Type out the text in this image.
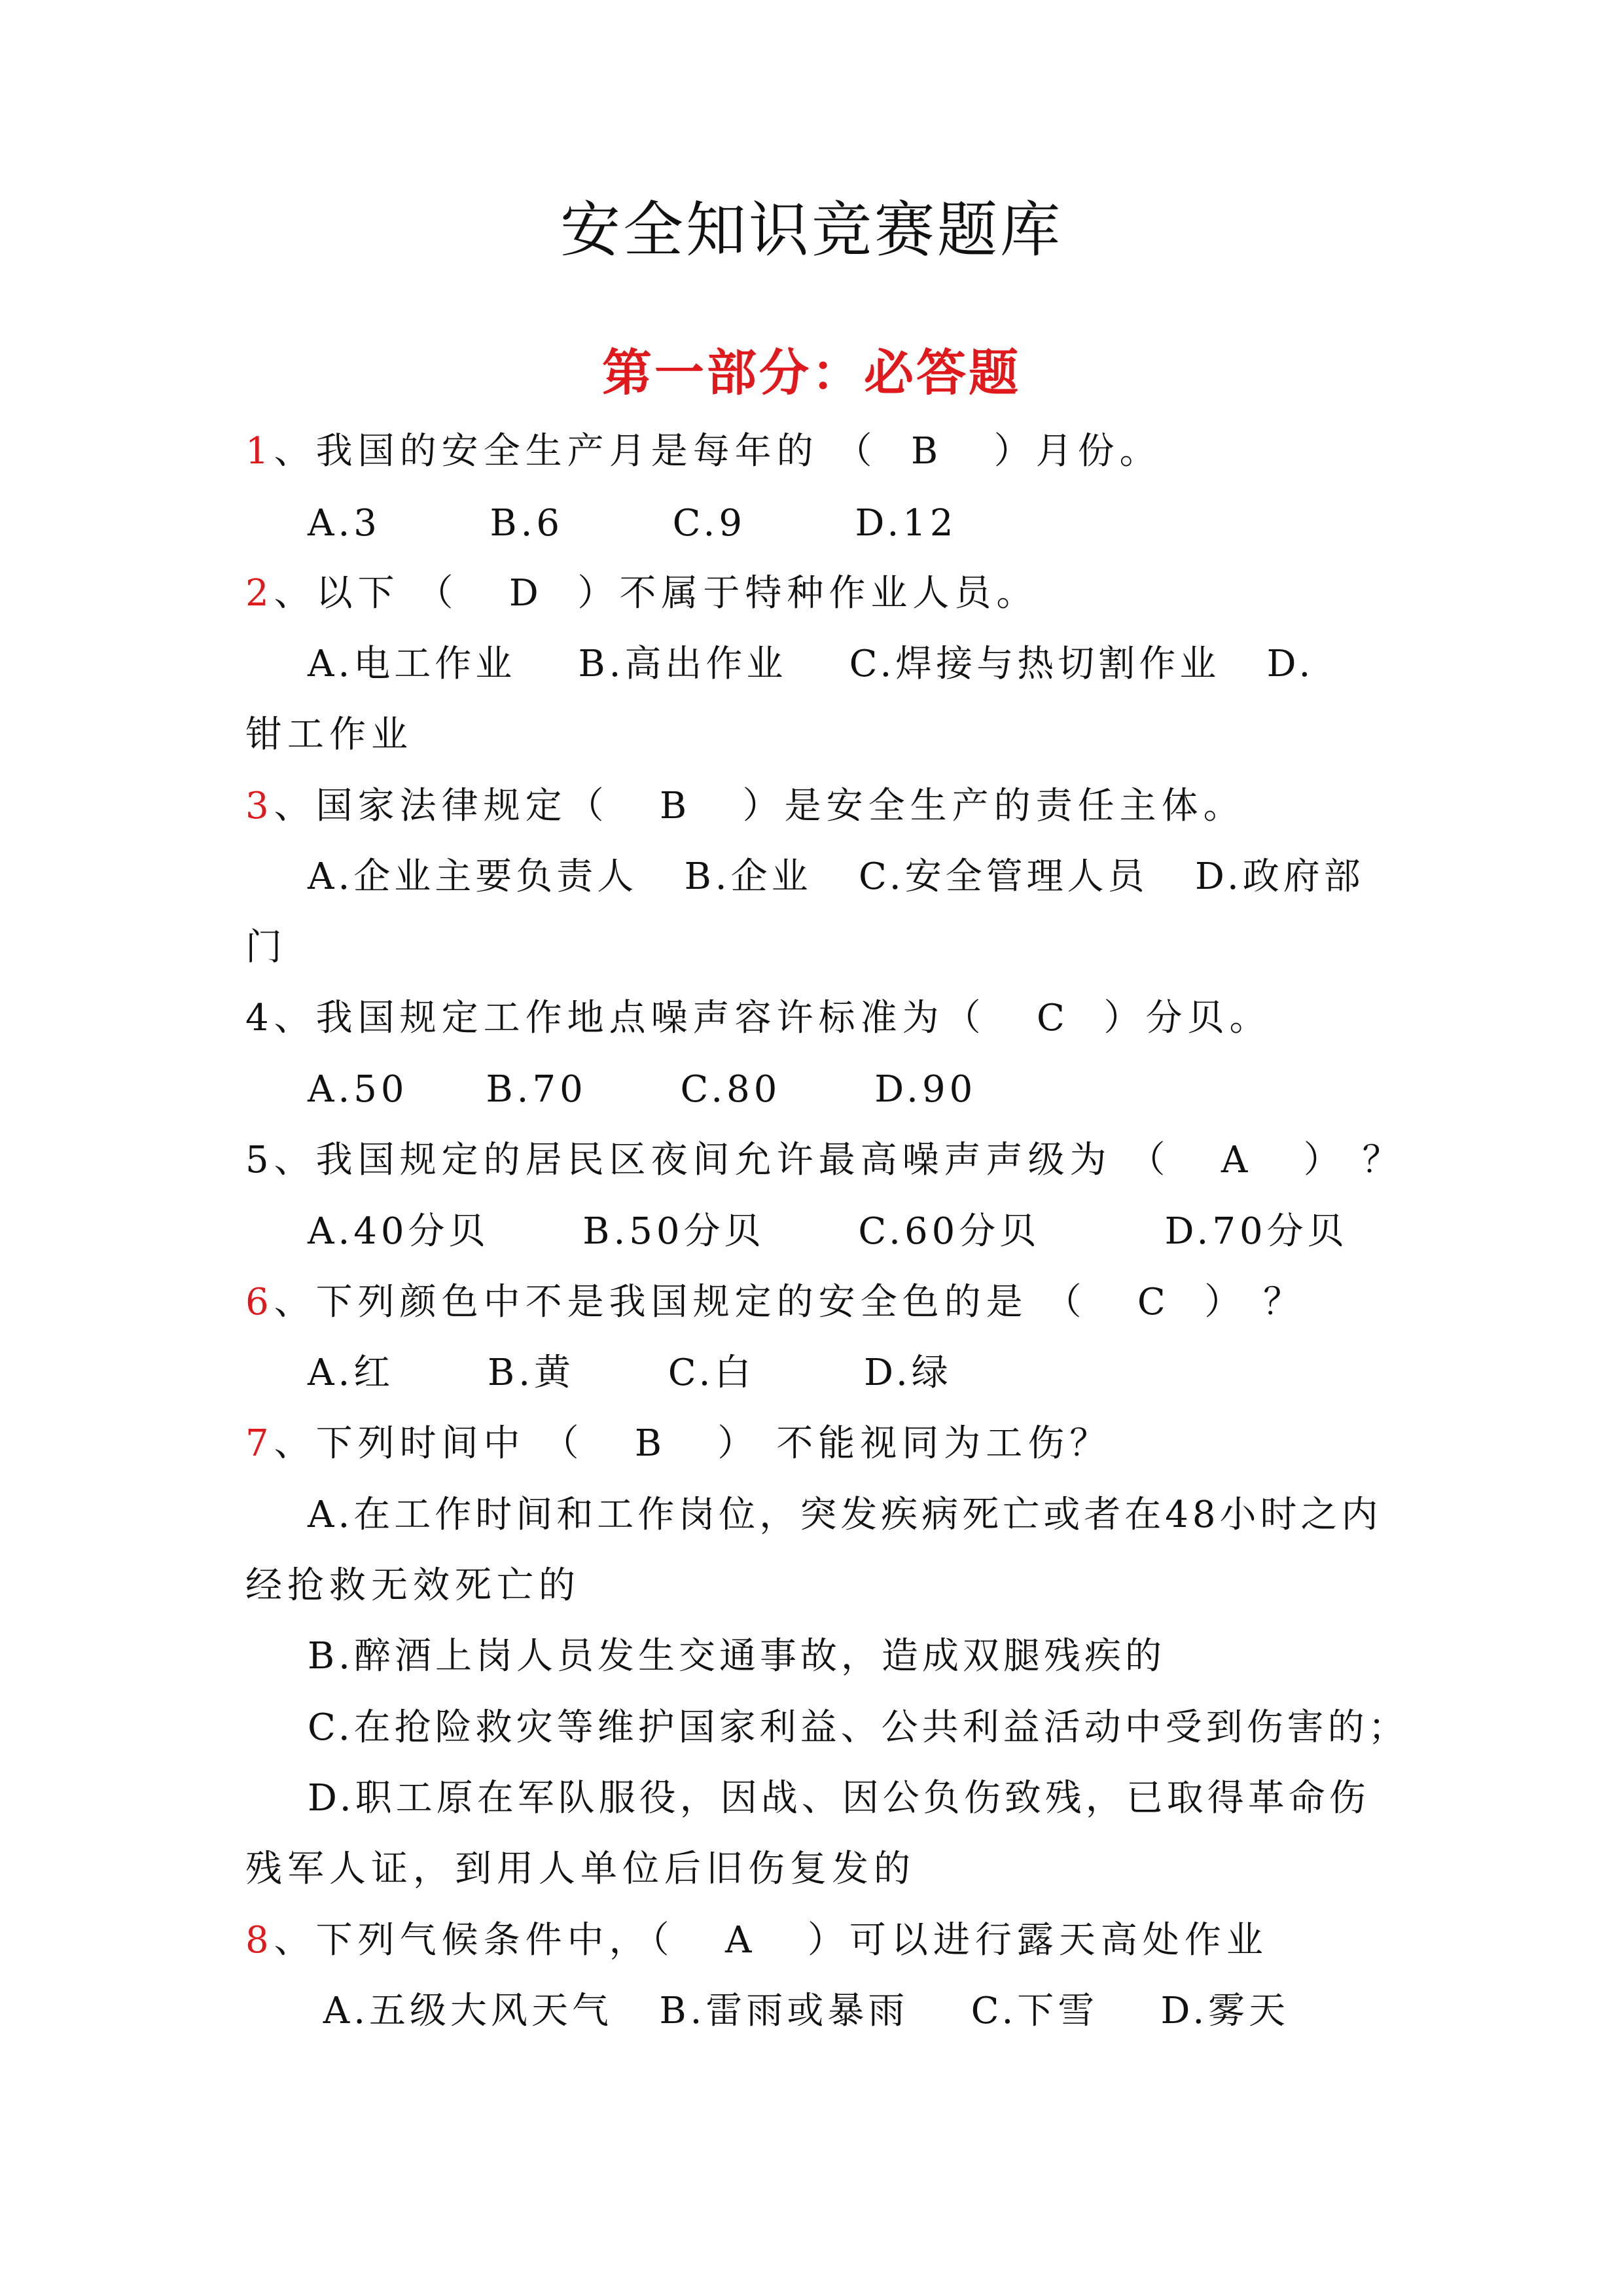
安全知识竞赛题库
第一部分：必答题
1、我国的安全生产月是每年的 （  B   ）月份。
A.3       B.6       C.9       D.12
2、以下 （   D  ）不属于特种作业人员。
A.电工作业    B.高出作业    C.焊接与热切割作业   D.
钳工作业
3、国家法律规定（   B   ）是安全生产的责任主体。
A.企业主要负责人   B.企业   C.安全管理人员   D.政府部
门
4、我国规定工作地点噪声容许标准为（   C  ）分贝。
A.50     B.70      C.80      D.90
5、我国规定的居民区夜间允许最高噪声声级为 （   A   ） ？
A.40分贝      B.50分贝      C.60分贝        D.70分贝
6、下列颜色中不是我国规定的安全色的是 （   C  ） ？
A.红      B.黄      C.白       D.绿
7、下列时间中 （   B   ） 不能视同为工伤？
A.在工作时间和工作岗位，突发疾病死亡或者在48小时之内
经抢救无效死亡的
B.醉酒上岗人员发生交通事故，造成双腿残疾的
C.在抢险救灾等维护国家利益、公共利益活动中受到伤害的；
D.职工原在军队服役，因战、因公负伤致残，已取得革命伤
残军人证，到用人单位后旧伤复发的
8、下列气候条件中，（   A   ）可以进行露天高处作业
A.五级大风天气   B.雷雨或暴雨    C.下雪    D.雾天
